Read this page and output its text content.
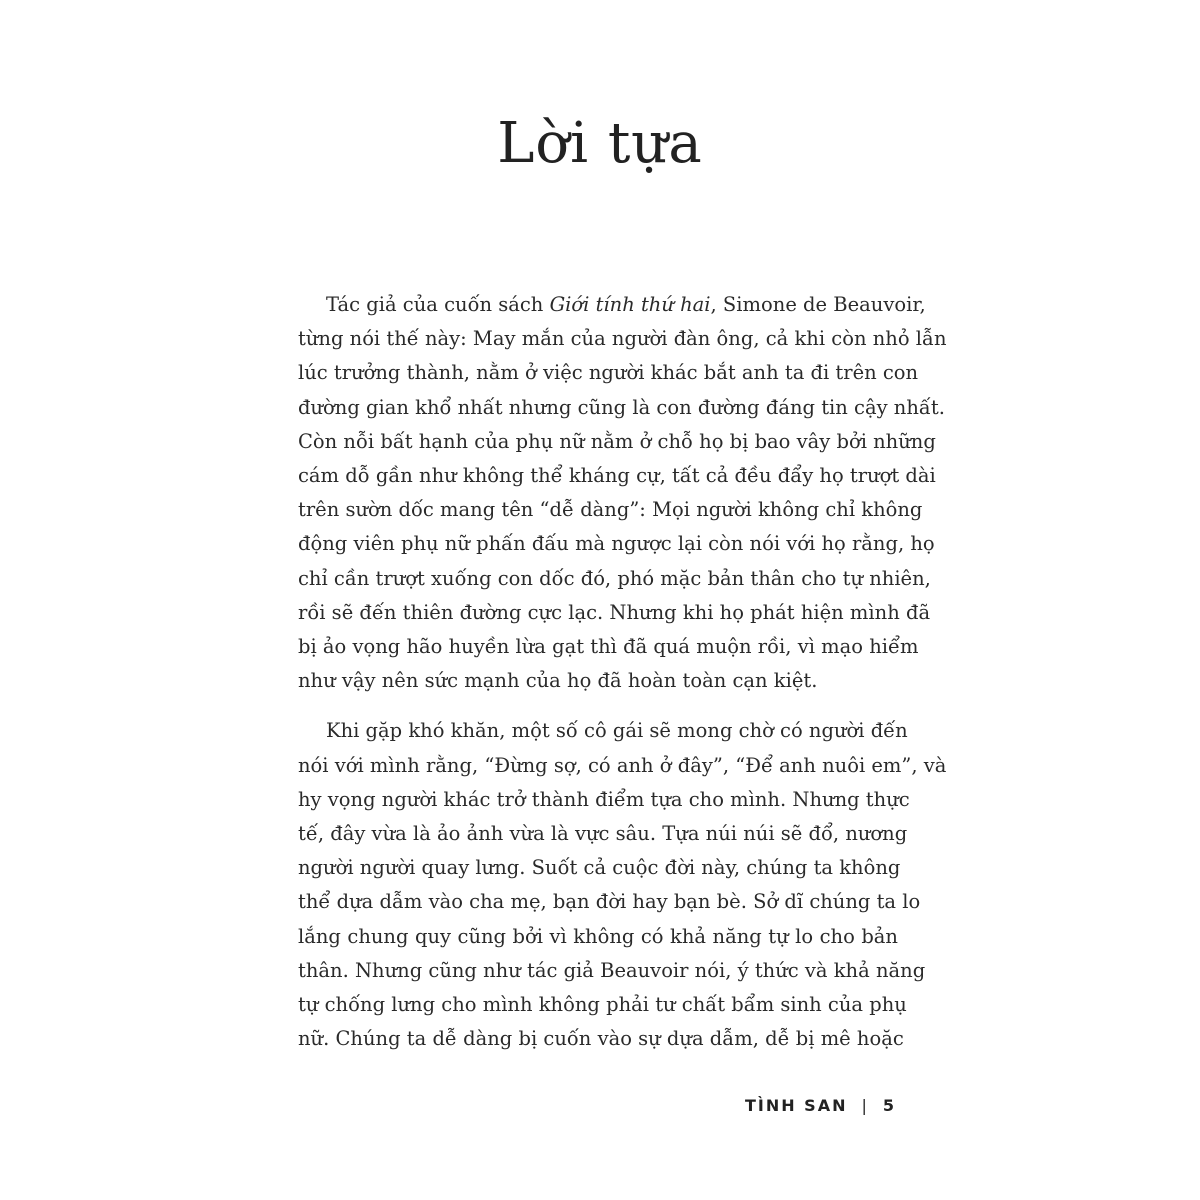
Lời tựa

Tác giả của cuốn sách Giới tính thứ hai, Simone de Beauvoir,
từng nói thế này: May mắn của người đàn ông, cả khi còn nhỏ lẫn
lúc trưởng thành, nằm ở việc người khác bắt anh ta đi trên con
đường gian khổ nhất nhưng cũng là con đường đáng tin cậy nhất.
Còn nỗi bất hạnh của phụ nữ nằm ở chỗ họ bị bao vây bởi những
cám dỗ gần như không thể kháng cự, tất cả đều đẩy họ trượt dài
trên sườn dốc mang tên “dễ dàng”: Mọi người không chỉ không
động viên phụ nữ phấn đấu mà ngược lại còn nói với họ rằng, họ
chỉ cần trượt xuống con dốc đó, phó mặc bản thân cho tự nhiên,
rồi sẽ đến thiên đường cực lạc. Nhưng khi họ phát hiện mình đã
bị ảo vọng hão huyền lừa gạt thì đã quá muộn rồi, vì mạo hiểm
như vậy nên sức mạnh của họ đã hoàn toàn cạn kiệt.

Khi gặp khó khăn, một số cô gái sẽ mong chờ có người đến
nói với mình rằng, “Đừng sợ, có anh ở đây”, “Để anh nuôi em”, và
hy vọng người khác trở thành điểm tựa cho mình. Nhưng thực
tế, đây vừa là ảo ảnh vừa là vực sâu. Tựa núi núi sẽ đổ, nương
người người quay lưng. Suốt cả cuộc đời này, chúng ta không
thể dựa dẫm vào cha mẹ, bạn đời hay bạn bè. Sở dĩ chúng ta lo
lắng chung quy cũng bởi vì không có khả năng tự lo cho bản
thân. Nhưng cũng như tác giả Beauvoir nói, ý thức và khả năng
tự chống lưng cho mình không phải tư chất bẩm sinh của phụ
nữ. Chúng ta dễ dàng bị cuốn vào sự dựa dẫm, dễ bị mê hoặc

TÌNH SAN | 5
